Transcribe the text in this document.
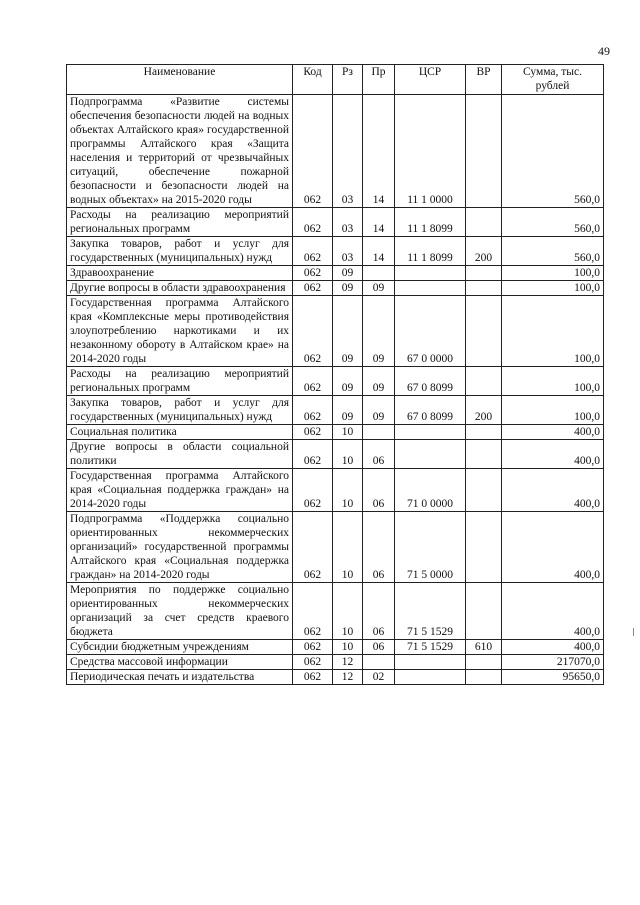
49
Наименование	Код	Рз	Пр	ЦСР	ВР	Сумма, тыс. рублей
Подпрограмма «Развитие системы обеспечения безопасности людей на водных объектах Алтайского края» государственной программы Алтайского края «Защита населения и территорий от чрезвычайных ситуаций, обеспечение пожарной безопасности и безопасности людей на водных объектах» на 2015-2020 годы	062	03	14	11 1 0000		560,0
Расходы на реализацию мероприятий региональных программ	062	03	14	11 1 8099		560,0
Закупка товаров, работ и услуг для государственных (муниципальных) нужд	062	03	14	11 1 8099	200	560,0
Здравоохранение	062	09				100,0
Другие вопросы в области здравоохранения	062	09	09			100,0
Государственная программа Алтайского края «Комплексные меры противодействия злоупотреблению наркотиками и их незаконному обороту в Алтайском крае» на 2014-2020 годы	062	09	09	67 0 0000		100,0
Расходы на реализацию мероприятий региональных программ	062	09	09	67 0 8099		100,0
Закупка товаров, работ и услуг для государственных (муниципальных) нужд	062	09	09	67 0 8099	200	100,0
Социальная политика	062	10				400,0
Другие вопросы в области социальной политики	062	10	06			400,0
Государственная программа Алтайского края «Социальная поддержка граждан» на 2014-2020 годы	062	10	06	71 0 0000		400,0
Подпрограмма «Поддержка социально ориентированных некоммерческих организаций» государственной программы Алтайского края «Социальная поддержка граждан» на 2014-2020 годы	062	10	06	71 5 0000		400,0
Мероприятия по поддержке социально ориентированных некоммерческих организаций за счет средств краевого бюджета	062	10	06	71 5 1529		400,0
Субсидии бюджетным учреждениям	062	10	06	71 5 1529	610	400,0
Средства массовой информации	062	12				217070,0
Периодическая печать и издательства	062	12	02			95650,0
